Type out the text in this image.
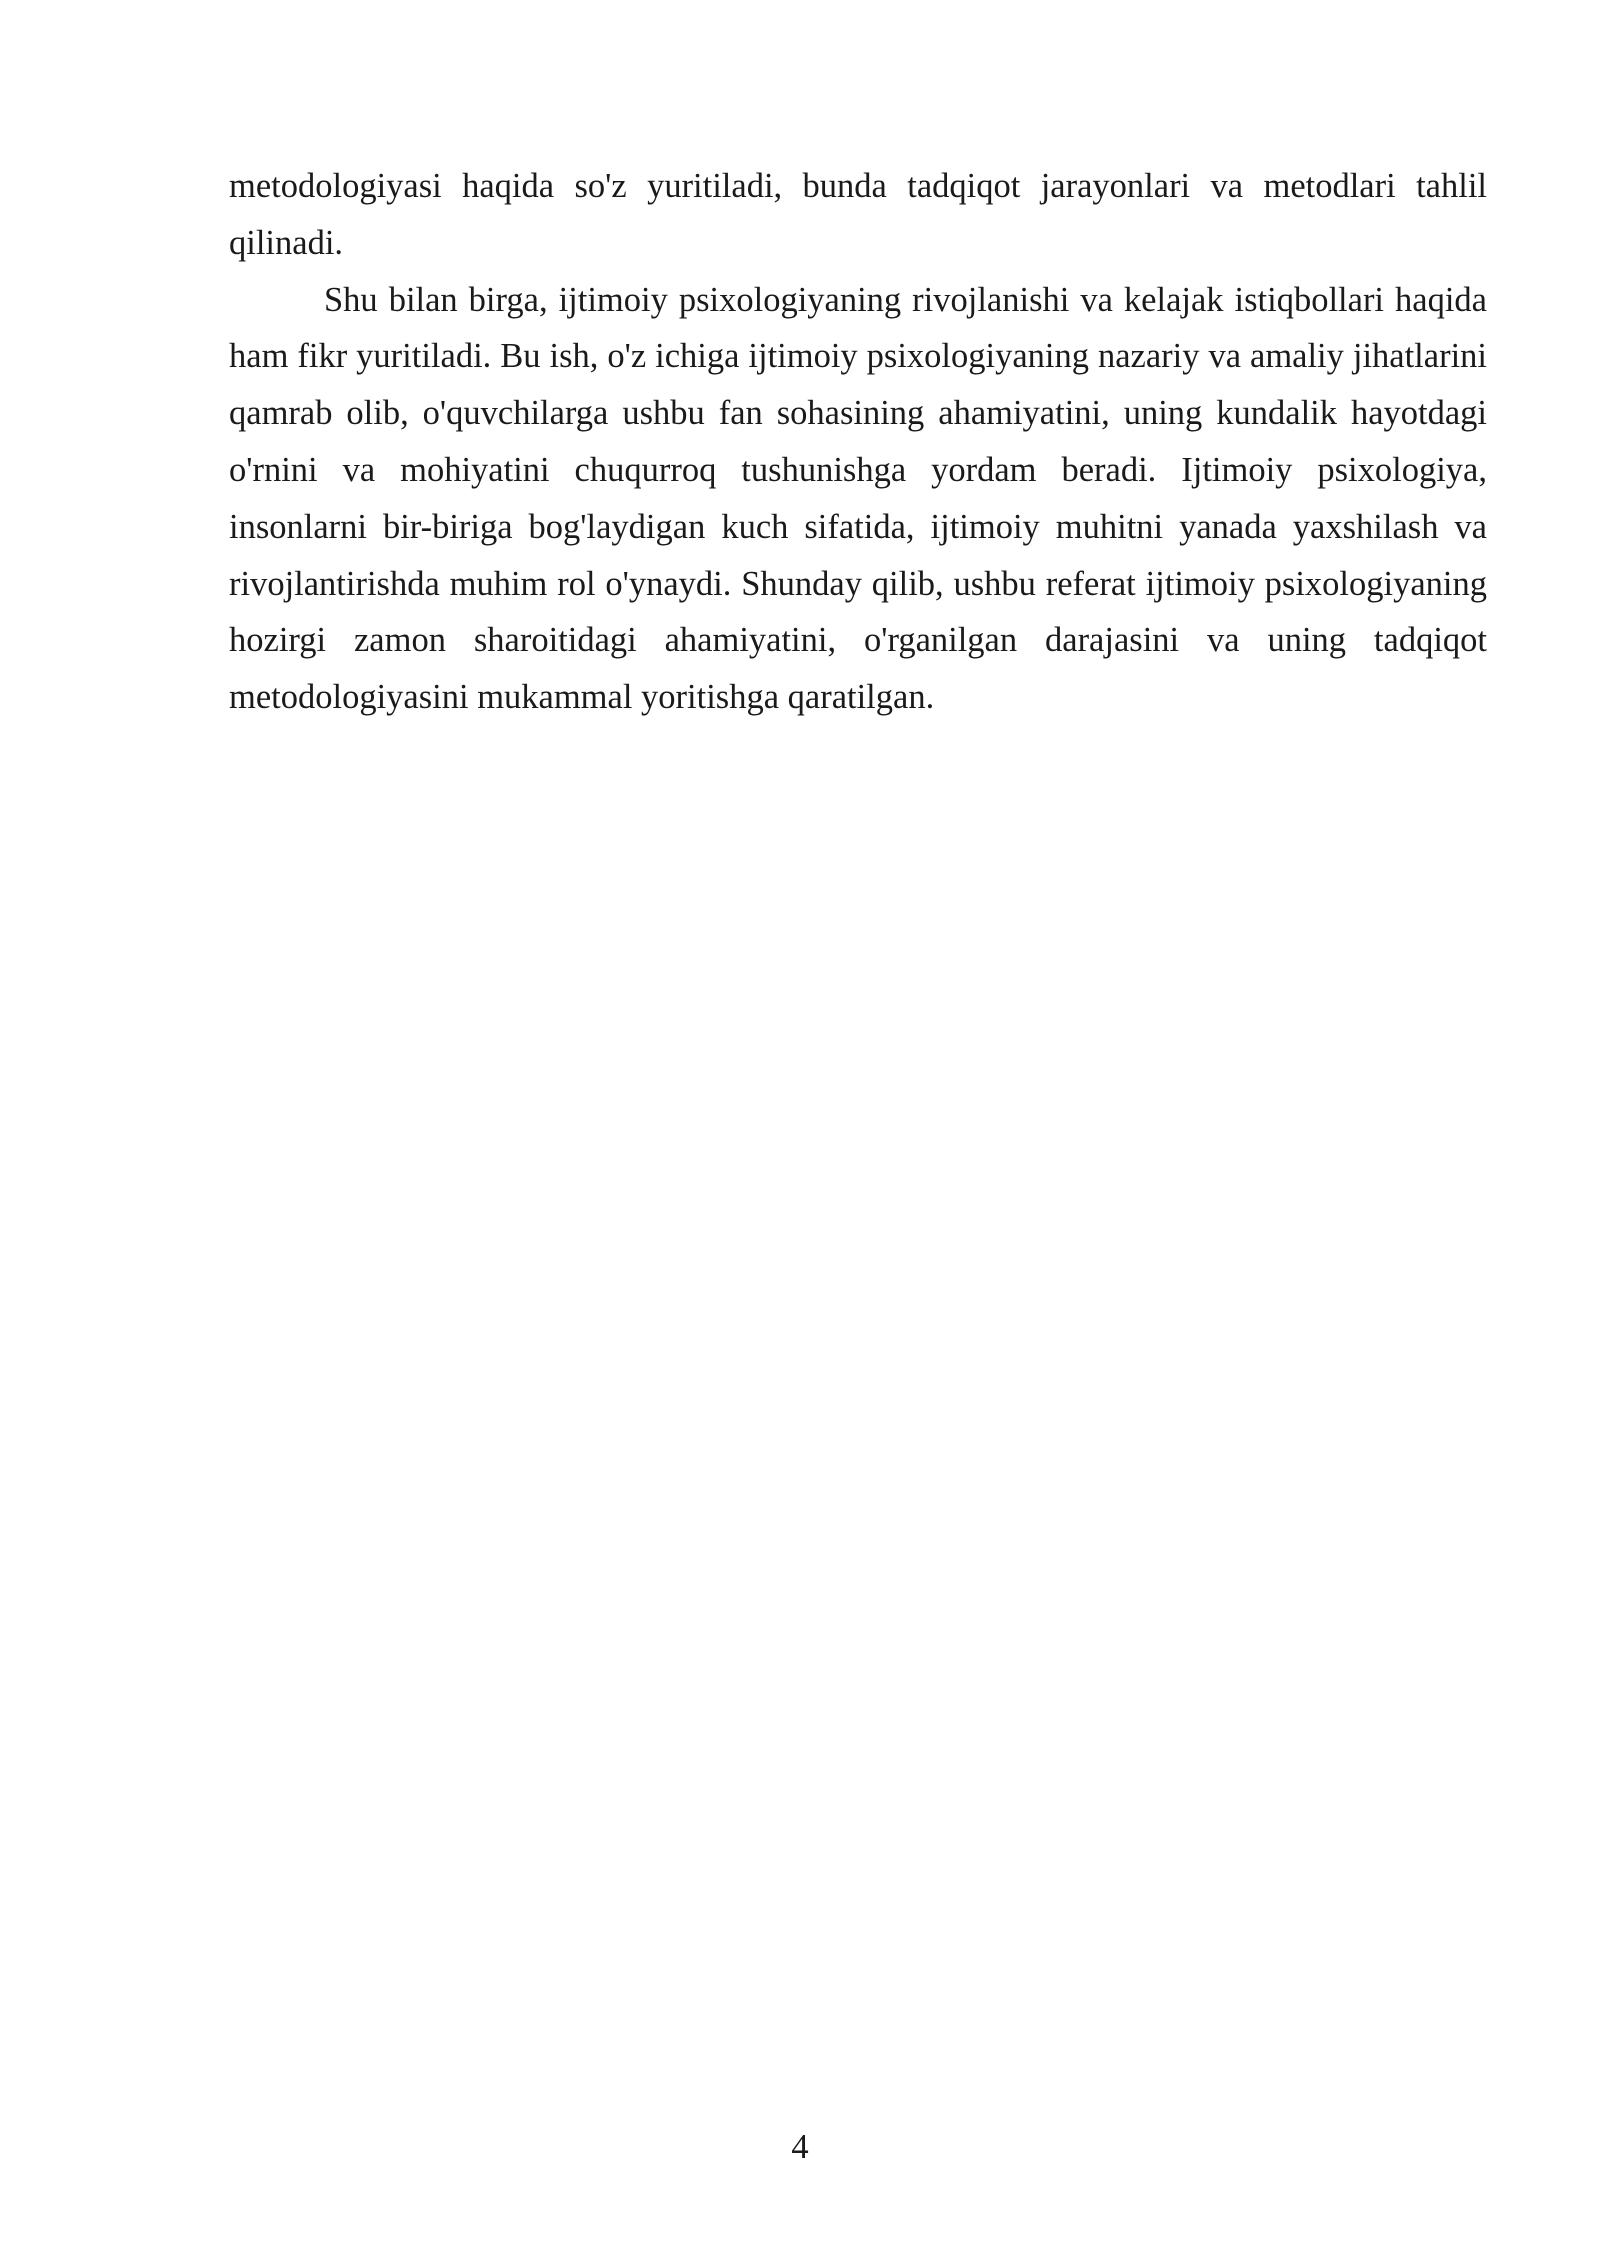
metodologiyasi haqida so'z yuritiladi, bunda tadqiqot jarayonlari va metodlari tahlil qilinadi.

Shu bilan birga, ijtimoiy psixologiyaning rivojlanishi va kelajak istiqbollari haqida ham fikr yuritiladi. Bu ish, o'z ichiga ijtimoiy psixologiyaning nazariy va amaliy jihatlarini qamrab olib, o'quvchilarga ushbu fan sohasining ahamiyatini, uning kundalik hayotdagi o'rnini va mohiyatini chuqurroq tushunishga yordam beradi. Ijtimoiy psixologiya, insonlarni bir-biriga bog'laydigan kuch sifatida, ijtimoiy muhitni yanada yaxshilash va rivojlantirishda muhim rol o'ynaydi. Shunday qilib, ushbu referat ijtimoiy psixologiyaning hozirgi zamon sharoitidagi ahamiyatini, o'rganilgan darajasini va uning tadqiqot metodologiyasini mukammal yoritishga qaratilgan.

4
